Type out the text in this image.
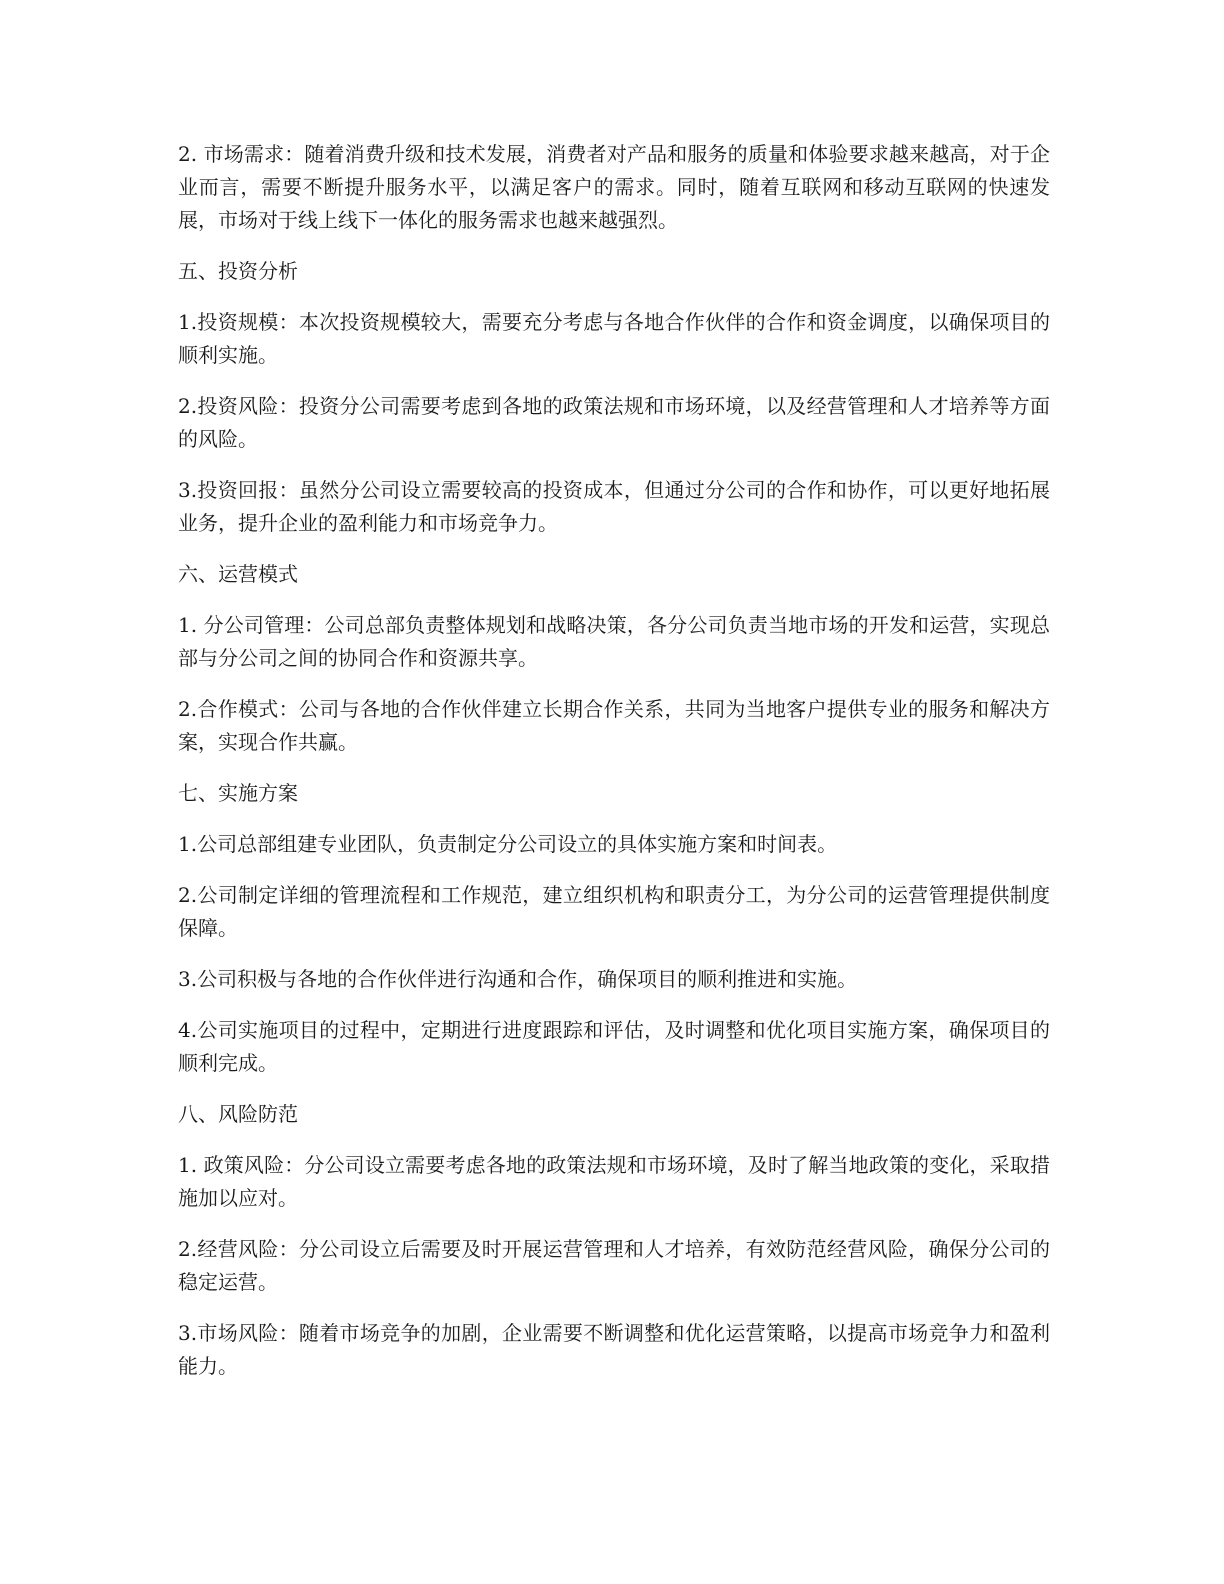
2. 市场需求：随着消费升级和技术发展，消费者对产品和服务的质量和体验要求越来越高，对于企业而言，需要不断提升服务水平，以满足客户的需求。同时，随着互联网和移动互联网的快速发展，市场对于线上线下一体化的服务需求也越来越强烈。

五、投资分析

1.投资规模：本次投资规模较大，需要充分考虑与各地合作伙伴的合作和资金调度，以确保项目的顺利实施。

2.投资风险：投资分公司需要考虑到各地的政策法规和市场环境，以及经营管理和人才培养等方面的风险。

3.投资回报：虽然分公司设立需要较高的投资成本，但通过分公司的合作和协作，可以更好地拓展业务，提升企业的盈利能力和市场竞争力。

六、运营模式

1. 分公司管理：公司总部负责整体规划和战略决策，各分公司负责当地市场的开发和运营，实现总部与分公司之间的协同合作和资源共享。

2.合作模式：公司与各地的合作伙伴建立长期合作关系，共同为当地客户提供专业的服务和解决方案，实现合作共赢。

七、实施方案

1.公司总部组建专业团队，负责制定分公司设立的具体实施方案和时间表。

2.公司制定详细的管理流程和工作规范，建立组织机构和职责分工，为分公司的运营管理提供制度保障。

3.公司积极与各地的合作伙伴进行沟通和合作，确保项目的顺利推进和实施。

4.公司实施项目的过程中，定期进行进度跟踪和评估，及时调整和优化项目实施方案，确保项目的顺利完成。

八、风险防范

1. 政策风险：分公司设立需要考虑各地的政策法规和市场环境，及时了解当地政策的变化，采取措施加以应对。

2.经营风险：分公司设立后需要及时开展运营管理和人才培养，有效防范经营风险，确保分公司的稳定运营。

3.市场风险：随着市场竞争的加剧，企业需要不断调整和优化运营策略，以提高市场竞争力和盈利能力。
